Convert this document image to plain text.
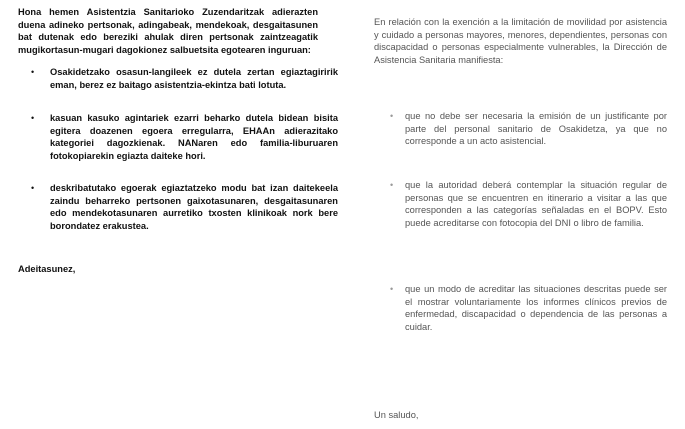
Hona hemen Asistentzia Sanitarioko Zuzendaritzak adierazten duena adineko pertsonak, adingabeak, mendekoak, desgaitasunen bat dutenak edo bereziki ahulak diren pertsonak zaintzeagatik mugikortasun-mugari dagokionez salbuetsita egotearen inguruan:
• Osakidetzako osasun-langileek ez dutela zertan egiaztagiririk eman, berez ez baitago asistentzia-ekintza bati lotuta.
• kasuan kasuko agintariek ezarri beharko dutela bidean bisita egitera doazenen egoera erregularra, EHAAn adierazitako kategoriei dagozkienak. NANaren edo familia-liburuaren fotokopiarekin egiazta daiteke hori.
• deskribatutako egoerak egiaztatzeko modu bat izan daitekeela zaindu beharreko pertsonen gaixotasunaren, desgaitasunaren edo mendekotasunaren aurretiko txosten klinikoak nork bere borondatez erakustea.
Adeitasunez,
En relación con la exención a la limitación de movilidad por asistencia y cuidado a personas mayores, menores, dependientes, personas con discapacidad o personas especialmente vulnerables, la Dirección de Asistencia Sanitaria manifiesta:
• que no debe ser necesaria la emisión de un justificante por parte del personal sanitario de Osakidetza, ya que no corresponde a un acto asistencial.
• que la autoridad deberá contemplar la situación regular de personas que se encuentren en itinerario a visitar a las que corresponden a las categorías señaladas en el BOPV. Esto puede acreditarse con fotocopia del DNI o libro de familia.
• que un modo de acreditar las situaciones descritas puede ser el mostrar voluntariamente los informes clínicos previos de enfermedad, discapacidad o dependencia de las personas a cuidar.
Un saludo,
